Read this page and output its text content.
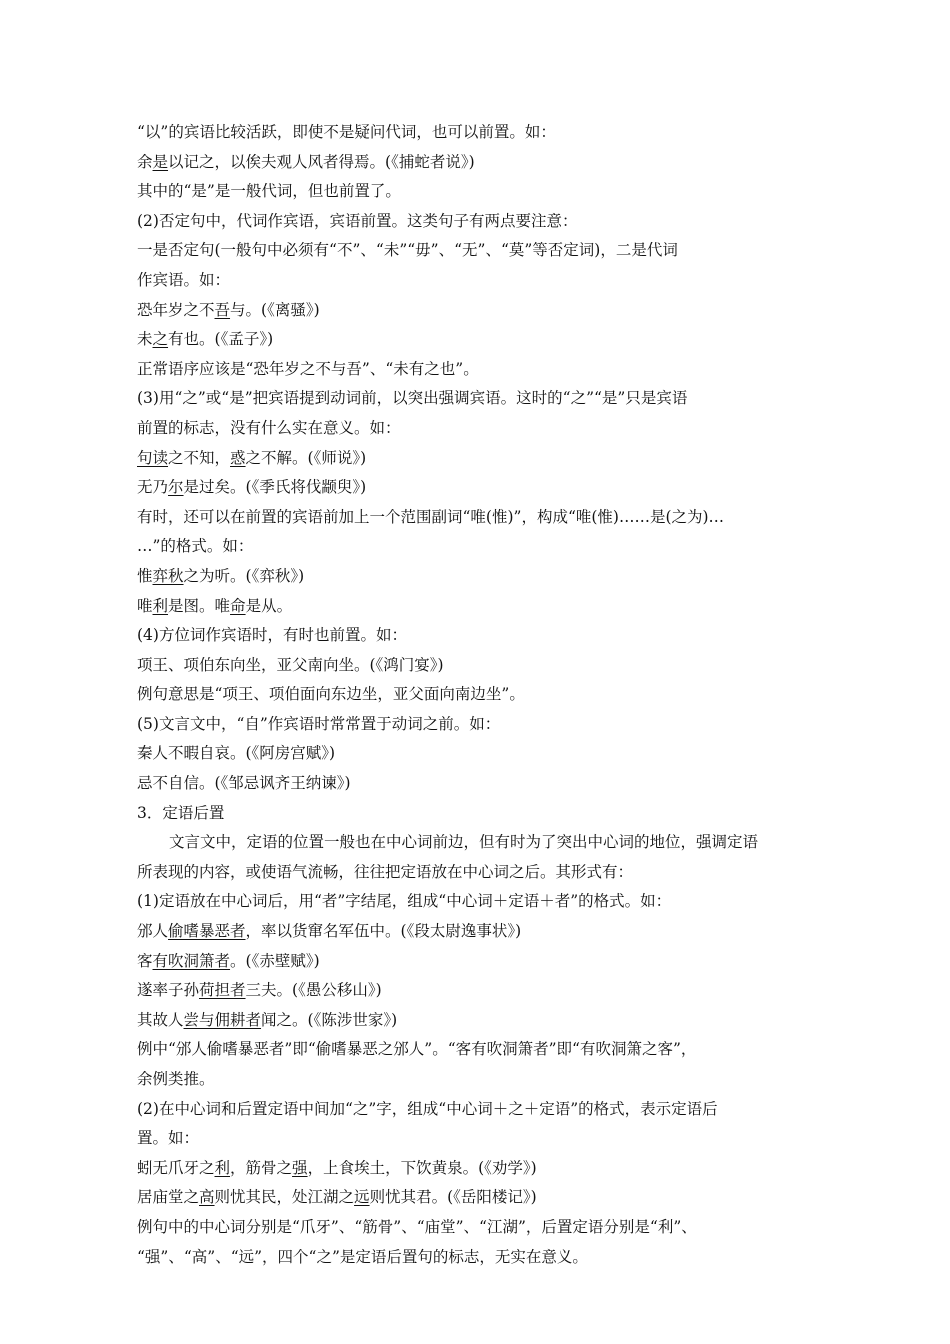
“以”的宾语比较活跃，即使不是疑问代词，也可以前置。如：
余是以记之，以俟夫观人风者得焉。(《捕蛇者说》)
其中的“是”是一般代词，但也前置了。
(2)否定句中，代词作宾语，宾语前置。这类句子有两点要注意：
一是否定句(一般句中必须有“不”、“未”“毋”、“无”、“莫”等否定词)，二是代词
作宾语。如：
恐年岁之不吾与。(《离骚》)
未之有也。(《孟子》)
正常语序应该是“恐年岁之不与吾”、“未有之也”。
(3)用“之”或“是”把宾语提到动词前，以突出强调宾语。这时的“之”“是”只是宾语
前置的标志，没有什么实在意义。如：
句读之不知，惑之不解。(《师说》)
无乃尔是过矣。(《季氏将伐颛臾》)
有时，还可以在前置的宾语前加上一个范围副词“唯(惟)”，构成“唯(惟)……是(之为)…
…”的格式。如：
惟弈秋之为听。(《弈秋》)
唯利是图。唯命是从。
(4)方位词作宾语时，有时也前置。如：
项王、项伯东向坐，亚父南向坐。(《鸿门宴》)
例句意思是“项王、项伯面向东边坐，亚父面向南边坐”。
(5)文言文中，“自”作宾语时常常置于动词之前。如：
秦人不暇自哀。(《阿房宫赋》)
忌不自信。(《邹忌讽齐王纳谏》)
3．定语后置
文言文中，定语的位置一般也在中心词前边，但有时为了突出中心词的地位，强调定语
所表现的内容，或使语气流畅，往往把定语放在中心词之后。其形式有：
(1)定语放在中心词后，用“者”字结尾，组成“中心词＋定语＋者”的格式。如：
邠人偷嗜暴恶者，率以货窜名军伍中。(《段太尉逸事状》)
客有吹洞箫者。(《赤壁赋》)
遂率子孙荷担者三夫。(《愚公移山》)
其故人尝与佣耕者闻之。(《陈涉世家》)
例中“邠人偷嗜暴恶者”即“偷嗜暴恶之邠人”。“客有吹洞箫者”即“有吹洞箫之客”，
余例类推。
(2)在中心词和后置定语中间加“之”字，组成“中心词＋之＋定语”的格式，表示定语后
置。如：
蚓无爪牙之利，筋骨之强，上食埃土，下饮黄泉。(《劝学》)
居庙堂之高则忧其民，处江湖之远则忧其君。(《岳阳楼记》)
例句中的中心词分别是“爪牙”、“筋骨”、“庙堂”、“江湖”，后置定语分别是“利”、
“强”、“高”、“远”，四个“之”是定语后置句的标志，无实在意义。
